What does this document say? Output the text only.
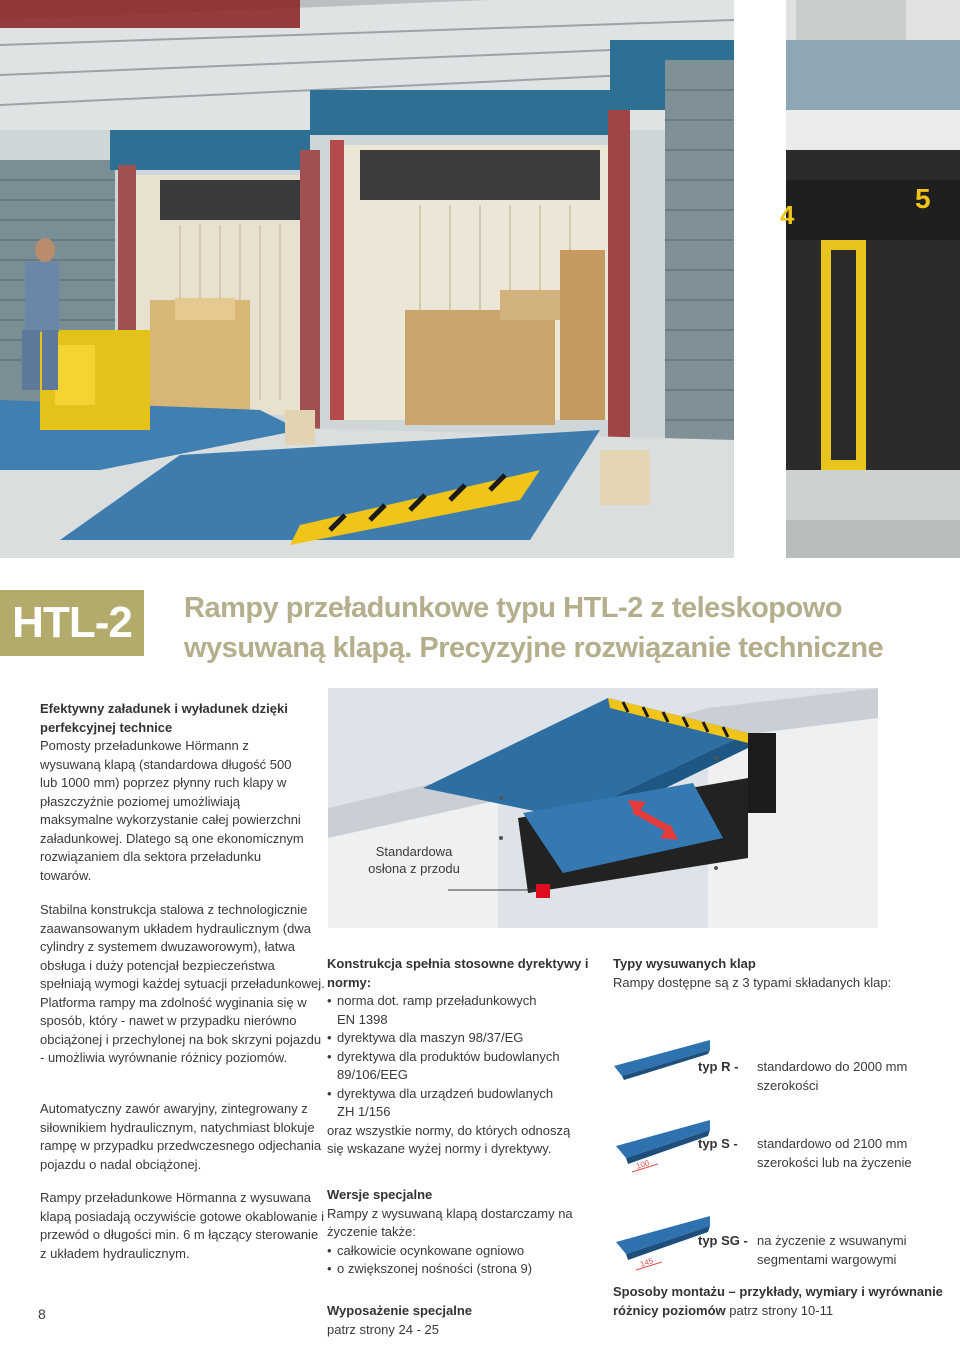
4
5
HTL-2	Rampy przeładunkowe typu HTL-2 z teleskopowo
wysuwaną klapą. Precyzyjne rozwiązanie techniczne

Efektywny załadunek i wyładunek dzięki perfekcyjnej technice

Pomosty przeładunkowe Hörmann z wysuwaną klapą (standardowa długość 500 lub 1000 mm) poprzez płynny ruch klapy w płaszczyźnie poziomej umożliwiają maksymalne wykorzystanie całej powierzchni załadunkowej. Dlatego są one ekonomicznym rozwiązaniem dla sektora przeładunku towarów.

Stabilna konstrukcja stalowa z technologicznie zaawansowanym układem hydraulicznym (dwa cylindry z systemem dwuzaworowym), łatwa obsługa i duży potencjał bezpieczeństwa spełniają wymogi każdej sytuacji przeładunkowej. Platforma rampy ma zdolność wyginania się w sposób, który - nawet w przypadku nierówno obciążonej i przechylonej na bok skrzyni pojazdu - umożliwia wyrównanie różnicy poziomów.

Automatyczny zawór awaryjny, zintegrowany z siłownikiem hydraulicznym, natychmiast blokuje rampę w przypadku przedwczesnego odjechania pojazdu o nadal obciążonej.

Rampy przeładunkowe Hörmanna z wysuwana klapą posiadają oczywiście gotowe okablowanie i przewód o długości min. 6 m łączący sterowanie z układem hydraulicznym.

Standardowa osłona z przodu

Konstrukcja spełnia stosowne dyrektywy i normy:

• norma dot. ramp przeładunkowych
EN 1398
• dyrektywa dla maszyn 98/37/EG
• dyrektywa dla produktów budowlanych
89/106/EEG
• dyrektywa dla urządzeń budowlanych
ZH 1/156

oraz wszystkie normy, do których odnoszą się wskazane wyżej normy i dyrektywy.

Wersje specjalne

Rampy z wysuwaną klapą dostarczamy na życzenie także:

• całkowicie ocynkowane ogniowo
• o zwiększonej nośności (strona 9)

Wyposażenie specjalne

patrz strony 24 - 25

Typy wysuwanych klap

Rampy dostępne są z 3 typami składanych klap:

100
145
typ R - standardowo do 2000 mm szerokości
typ S - standardowo od 2100 mm szerokości lub na życzenie
typ SG - na życzenie z wsuwanymi segmentami wargowymi
Sposoby montażu – przykłady, wymiary i wyrównanie różnicy poziomów patrz strony 10-11
8
